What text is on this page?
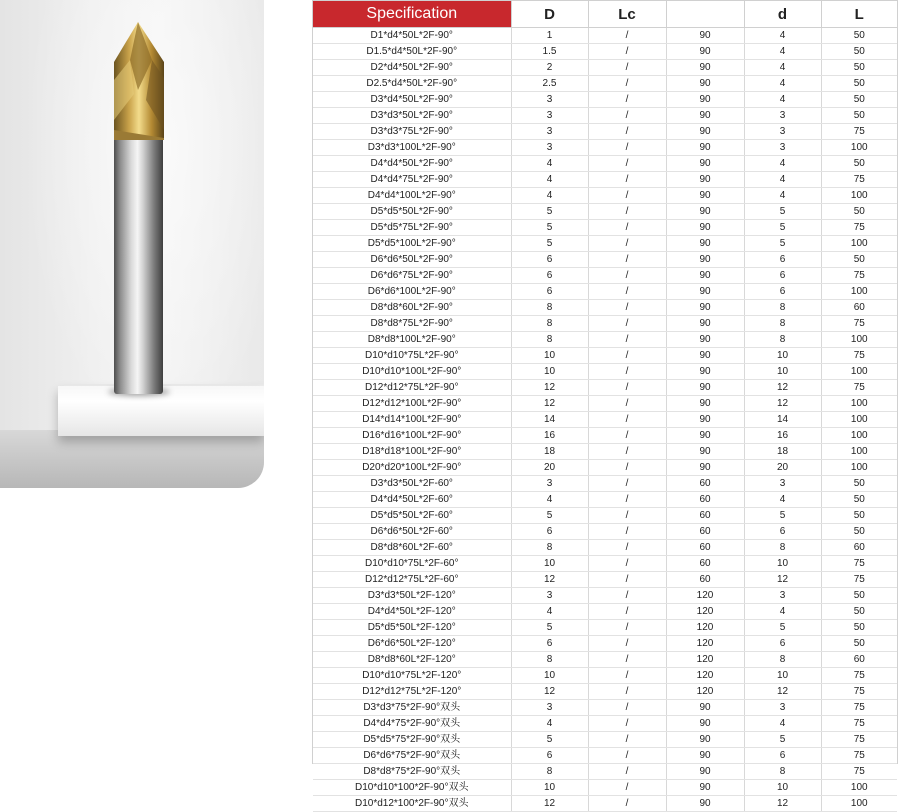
Specification	D	Lc		d	L
D1*d4*50L*2F-90°	1	/	90	4	50
D1.5*d4*50L*2F-90°	1.5	/	90	4	50
D2*d4*50L*2F-90°	2	/	90	4	50
D2.5*d4*50L*2F-90°	2.5	/	90	4	50
D3*d4*50L*2F-90°	3	/	90	4	50
D3*d3*50L*2F-90°	3	/	90	3	50
D3*d3*75L*2F-90°	3	/	90	3	75
D3*d3*100L*2F-90°	3	/	90	3	100
D4*d4*50L*2F-90°	4	/	90	4	50
D4*d4*75L*2F-90°	4	/	90	4	75
D4*d4*100L*2F-90°	4	/	90	4	100
D5*d5*50L*2F-90°	5	/	90	5	50
D5*d5*75L*2F-90°	5	/	90	5	75
D5*d5*100L*2F-90°	5	/	90	5	100
D6*d6*50L*2F-90°	6	/	90	6	50
D6*d6*75L*2F-90°	6	/	90	6	75
D6*d6*100L*2F-90°	6	/	90	6	100
D8*d8*60L*2F-90°	8	/	90	8	60
D8*d8*75L*2F-90°	8	/	90	8	75
D8*d8*100L*2F-90°	8	/	90	8	100
D10*d10*75L*2F-90°	10	/	90	10	75
D10*d10*100L*2F-90°	10	/	90	10	100
D12*d12*75L*2F-90°	12	/	90	12	75
D12*d12*100L*2F-90°	12	/	90	12	100
D14*d14*100L*2F-90°	14	/	90	14	100
D16*d16*100L*2F-90°	16	/	90	16	100
D18*d18*100L*2F-90°	18	/	90	18	100
D20*d20*100L*2F-90°	20	/	90	20	100
D3*d3*50L*2F-60°	3	/	60	3	50
D4*d4*50L*2F-60°	4	/	60	4	50
D5*d5*50L*2F-60°	5	/	60	5	50
D6*d6*50L*2F-60°	6	/	60	6	50
D8*d8*60L*2F-60°	8	/	60	8	60
D10*d10*75L*2F-60°	10	/	60	10	75
D12*d12*75L*2F-60°	12	/	60	12	75
D3*d3*50L*2F-120°	3	/	120	3	50
D4*d4*50L*2F-120°	4	/	120	4	50
D5*d5*50L*2F-120°	5	/	120	5	50
D6*d6*50L*2F-120°	6	/	120	6	50
D8*d8*60L*2F-120°	8	/	120	8	60
D10*d10*75L*2F-120°	10	/	120	10	75
D12*d12*75L*2F-120°	12	/	120	12	75
D3*d3*75*2F-90°双头	3	/	90	3	75
D4*d4*75*2F-90°双头	4	/	90	4	75
D5*d5*75*2F-90°双头	5	/	90	5	75
D6*d6*75*2F-90°双头	6	/	90	6	75
D8*d8*75*2F-90°双头	8	/	90	8	75
D10*d10*100*2F-90°双头	10	/	90	10	100
D10*d12*100*2F-90°双头	12	/	90	12	100
